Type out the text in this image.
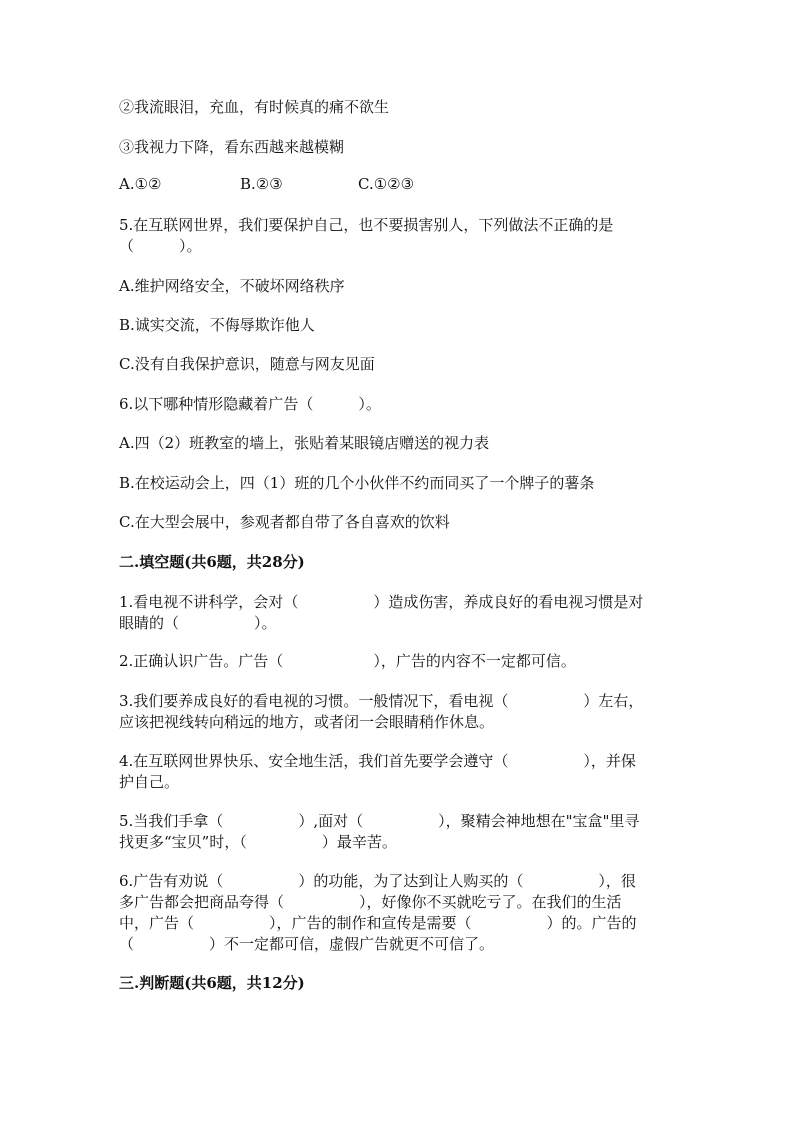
②我流眼泪，充血，有时候真的痛不欲生
③我视力下降，看东西越来越模糊
A.①②	B.②③	C.①②③
5.在互联网世界，我们要保护自己，也不要损害别人，下列做法不正确的是
（　　　）。
A.维护网络安全，不破坏网络秩序
B.诚实交流，不侮辱欺诈他人
C.没有自我保护意识，随意与网友见面
6.以下哪种情形隐藏着广告（　　　）。
A.四（2）班教室的墙上，张贴着某眼镜店赠送的视力表
B.在校运动会上，四（1）班的几个小伙伴不约而同买了一个牌子的薯条
C.在大型会展中，参观者都自带了各自喜欢的饮料
二.填空题(共6题，共28分)
1.看电视不讲科学，会对（　　　　　）造成伤害，养成良好的看电视习惯是对
眼睛的（　　　　　）。
2.正确认识广告。广告（　　　　　　），广告的内容不一定都可信。
3.我们要养成良好的看电视的习惯。一般情况下，看电视（　　　　　）左右，
应该把视线转向稍远的地方，或者闭一会眼睛稍作休息。
4.在互联网世界快乐、安全地生活，我们首先要学会遵守（　　　　　），并保
护自己。
5.当我们手拿（　　　　　）,面对（　　　　　），聚精会神地想在"宝盒"里寻
找更多“宝贝”时，（　　　　　）最辛苦。
6.广告有劝说（　　　　　）的功能，为了达到让人购买的（　　　　　），很
多广告都会把商品夸得（　　　　　），好像你不买就吃亏了。在我们的生活
中，广告（　　　　　），广告的制作和宣传是需要（　　　　　）的。广告的
（　　　　　）不一定都可信，虚假广告就更不可信了。
三.判断题(共6题，共12分)
